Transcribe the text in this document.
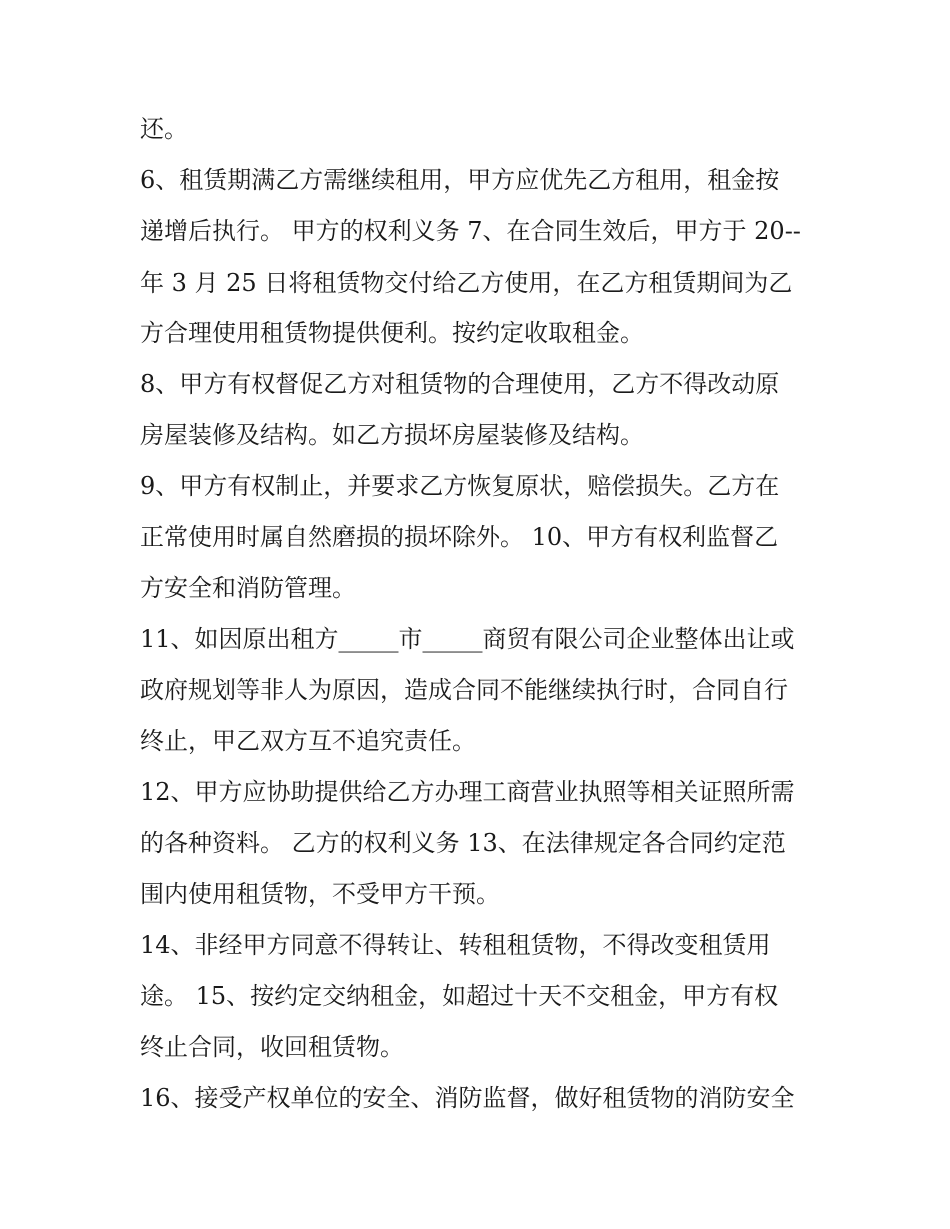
还。
6、租赁期满乙方需继续租用，甲方应优先乙方租用，租金按
递增后执行。 甲方的权利义务 7、在合同生效后，甲方于 20--
年 3 月 25 日将租赁物交付给乙方使用，在乙方租赁期间为乙
方合理使用租赁物提供便利。按约定收取租金。
8、甲方有权督促乙方对租赁物的合理使用，乙方不得改动原
房屋装修及结构。如乙方损坏房屋装修及结构。
9、甲方有权制止，并要求乙方恢复原状，赔偿损失。乙方在
正常使用时属自然磨损的损坏除外。 10、甲方有权利监督乙
方安全和消防管理。
11、如因原出租方_____市_____商贸有限公司企业整体出让或
政府规划等非人为原因，造成合同不能继续执行时，合同自行
终止，甲乙双方互不追究责任。
12、甲方应协助提供给乙方办理工商营业执照等相关证照所需
的各种资料。 乙方的权利义务 13、在法律规定各合同约定范
围内使用租赁物，不受甲方干预。
14、非经甲方同意不得转让、转租租赁物，不得改变租赁用
途。 15、按约定交纳租金，如超过十天不交租金，甲方有权
终止合同，收回租赁物。
16、接受产权单位的安全、消防监督，做好租赁物的消防安全
